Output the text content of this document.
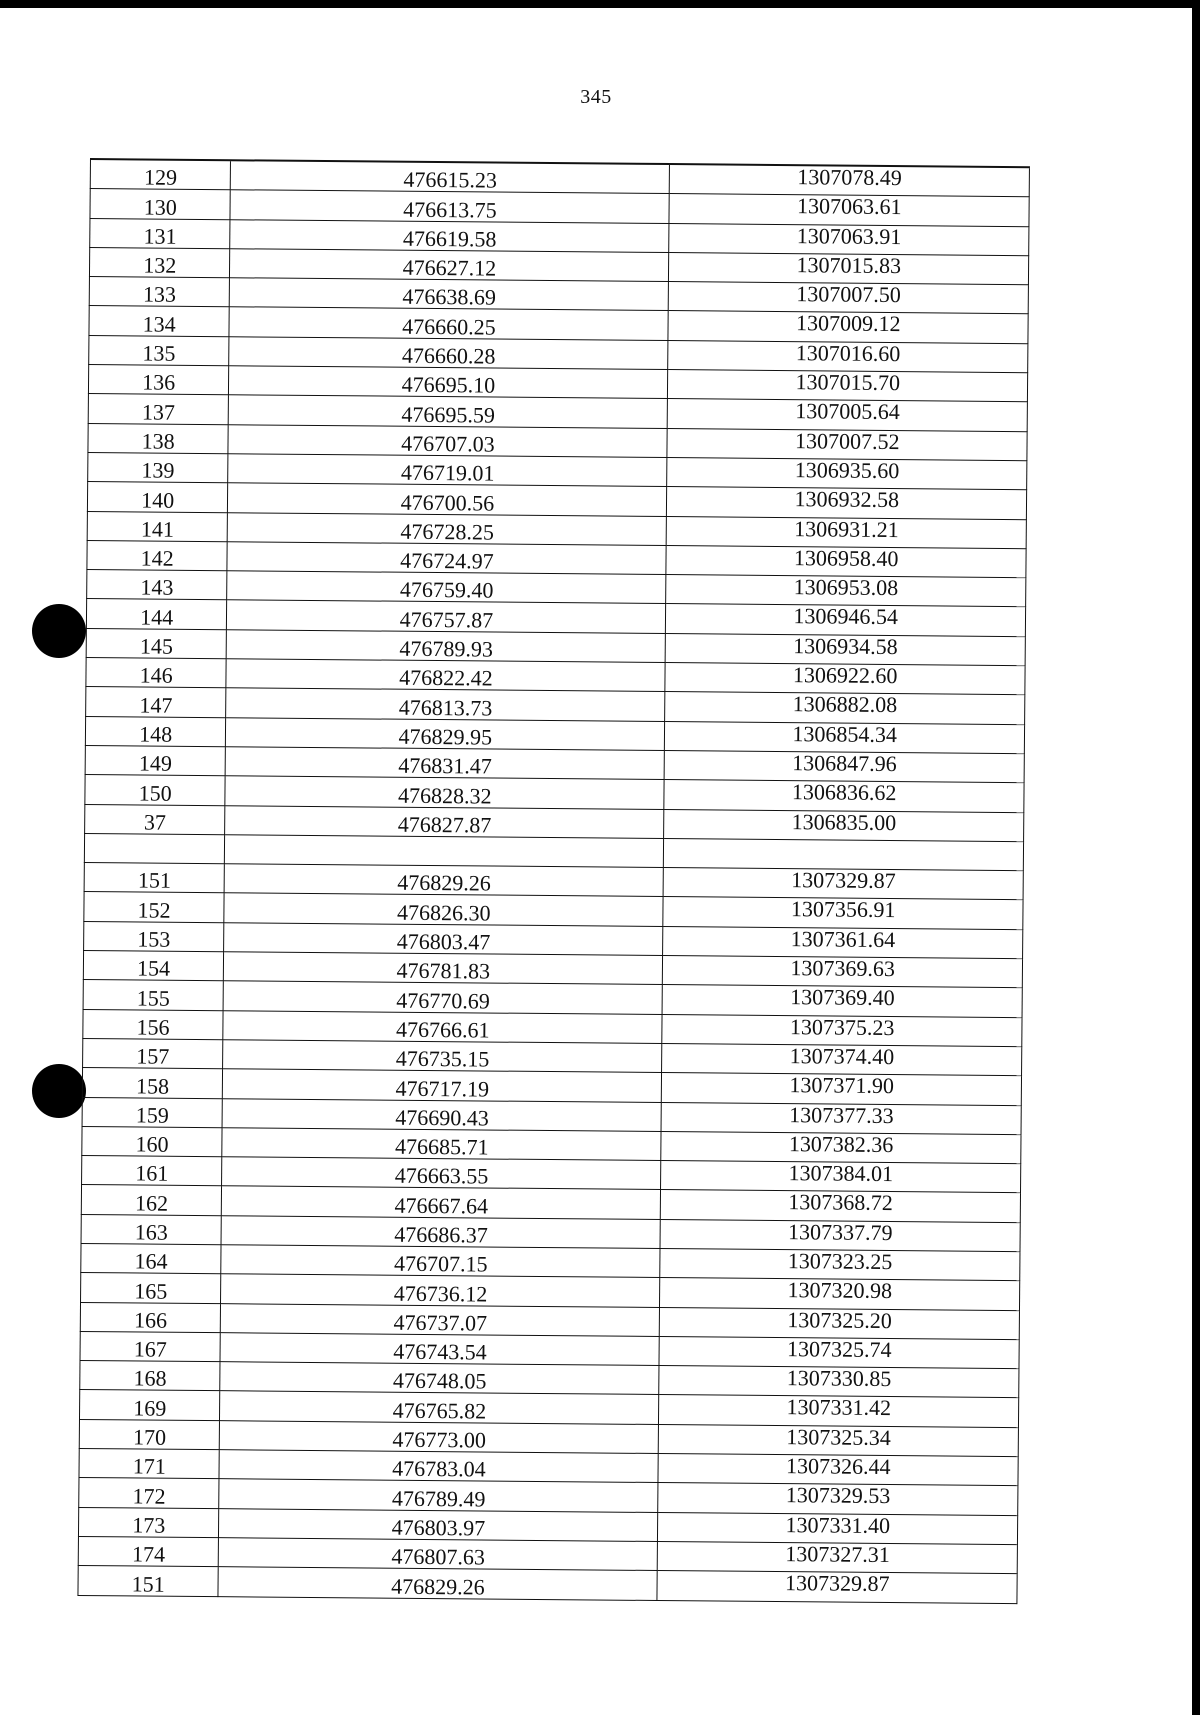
345
129	476615.23	1307078.49
130	476613.75	1307063.61
131	476619.58	1307063.91
132	476627.12	1307015.83
133	476638.69	1307007.50
134	476660.25	1307009.12
135	476660.28	1307016.60
136	476695.10	1307015.70
137	476695.59	1307005.64
138	476707.03	1307007.52
139	476719.01	1306935.60
140	476700.56	1306932.58
141	476728.25	1306931.21
142	476724.97	1306958.40
143	476759.40	1306953.08
144	476757.87	1306946.54
145	476789.93	1306934.58
146	476822.42	1306922.60
147	476813.73	1306882.08
148	476829.95	1306854.34
149	476831.47	1306847.96
150	476828.32	1306836.62
37	476827.87	1306835.00

151	476829.26	1307329.87
152	476826.30	1307356.91
153	476803.47	1307361.64
154	476781.83	1307369.63
155	476770.69	1307369.40
156	476766.61	1307375.23
157	476735.15	1307374.40
158	476717.19	1307371.90
159	476690.43	1307377.33
160	476685.71	1307382.36
161	476663.55	1307384.01
162	476667.64	1307368.72
163	476686.37	1307337.79
164	476707.15	1307323.25
165	476736.12	1307320.98
166	476737.07	1307325.20
167	476743.54	1307325.74
168	476748.05	1307330.85
169	476765.82	1307331.42
170	476773.00	1307325.34
171	476783.04	1307326.44
172	476789.49	1307329.53
173	476803.97	1307331.40
174	476807.63	1307327.31
151	476829.26	1307329.87
